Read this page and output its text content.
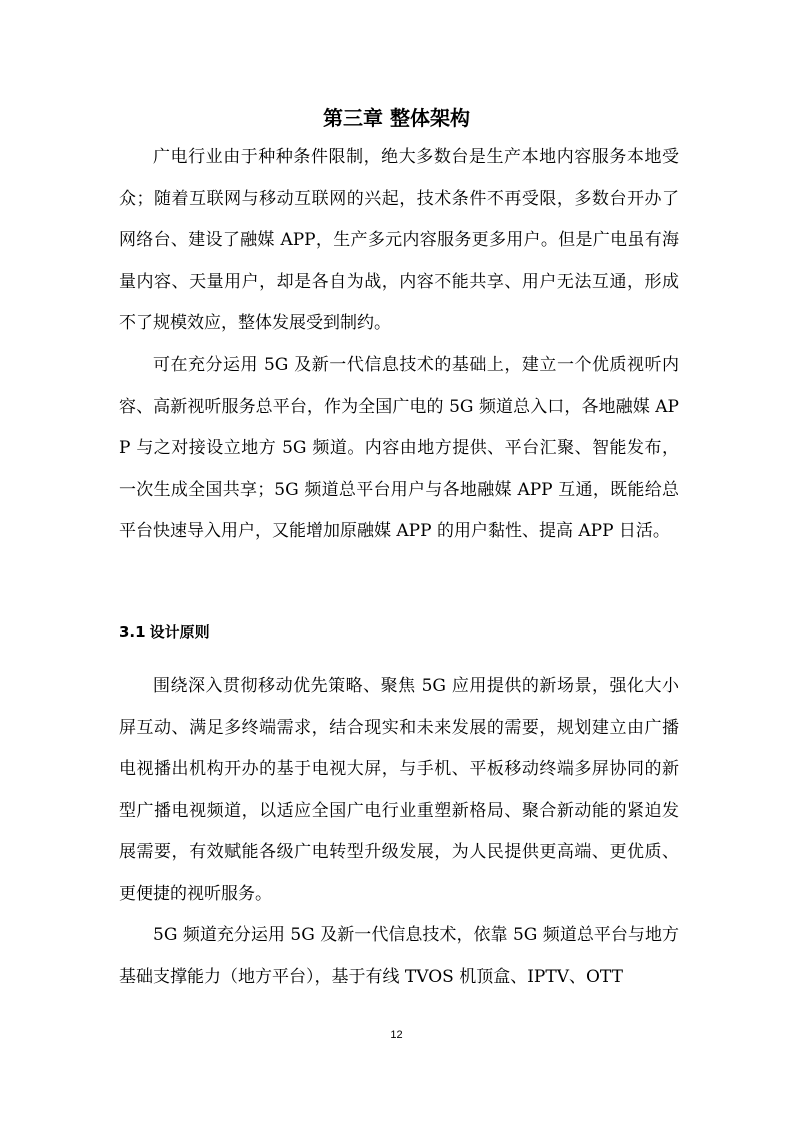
第三章 整体架构

广电行业由于种种条件限制，绝大多数台是生产本地内容服务本地受众；随着互联网与移动互联网的兴起，技术条件不再受限，多数台开办了网络台、建设了融媒 APP，生产多元内容服务更多用户。但是广电虽有海量内容、天量用户，却是各自为战，内容不能共享、用户无法互通，形成不了规模效应，整体发展受到制约。

可在充分运用 5G 及新一代信息技术的基础上，建立一个优质视听内容、高新视听服务总平台，作为全国广电的 5G 频道总入口，各地融媒 APP 与之对接设立地方 5G 频道。内容由地方提供、平台汇聚、智能发布，一次生成全国共享；5G 频道总平台用户与各地融媒 APP 互通，既能给总平台快速导入用户，又能增加原融媒 APP 的用户黏性、提高 APP 日活。

3.1 设计原则

围绕深入贯彻移动优先策略、聚焦 5G 应用提供的新场景，强化大小屏互动、满足多终端需求，结合现实和未来发展的需要，规划建立由广播电视播出机构开办的基于电视大屏，与手机、平板移动终端多屏协同的新型广播电视频道，以适应全国广电行业重塑新格局、聚合新动能的紧迫发展需要，有效赋能各级广电转型升级发展，为人民提供更高端、更优质、更便捷的视听服务。

5G 频道充分运用 5G 及新一代信息技术，依靠 5G 频道总平台与地方基础支撑能力（地方平台），基于有线 TVOS 机顶盒、IPTV、OTT

12
